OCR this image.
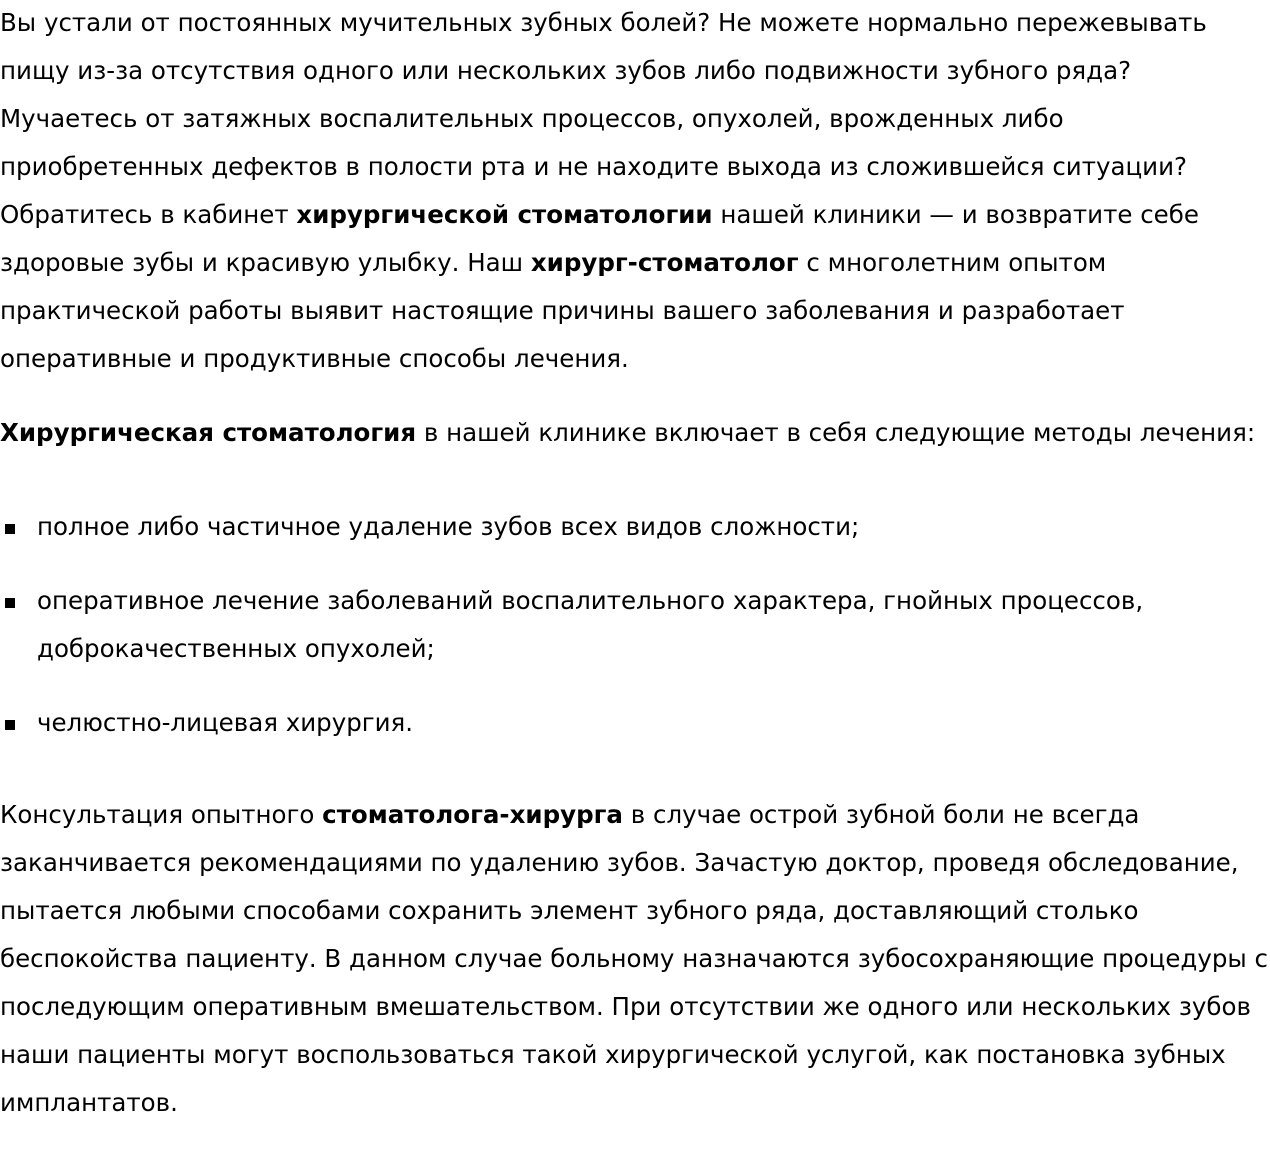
Вы устали от постоянных мучительных зубных болей? Не можете нормально пережевывать пищу из-за отсутствия одного или нескольких зубов либо подвижности зубного ряда? Мучаетесь от затяжных воспалительных процессов, опухолей, врожденных либо приобретенных дефектов в полости рта и не находите выхода из сложившейся ситуации? Обратитесь в кабинет хирургической стоматологии нашей клиники — и возвратите себе здоровые зубы и красивую улыбку. Наш хирург-стоматолог с многолетним опытом практической работы выявит настоящие причины вашего заболевания и разработает оперативные и продуктивные способы лечения.

Хирургическая стоматология в нашей клинике включает в себя следующие методы лечения:

полное либо частичное удаление зубов всех видов сложности;
оперативное лечение заболеваний воспалительного характера, гнойных процессов, доброкачественных опухолей;
челюстно-лицевая хирургия.

Консультация опытного стоматолога-хирурга в случае острой зубной боли не всегда заканчивается рекомендациями по удалению зубов. Зачастую доктор, проведя обследование, пытается любыми способами сохранить элемент зубного ряда, доставляющий столько беспокойства пациенту. В данном случае больному назначаются зубосохраняющие процедуры с последующим оперативным вмешательством. При отсутствии же одного или нескольких зубов наши пациенты могут воспользоваться такой хирургической услугой, как постановка зубных имплантатов.
